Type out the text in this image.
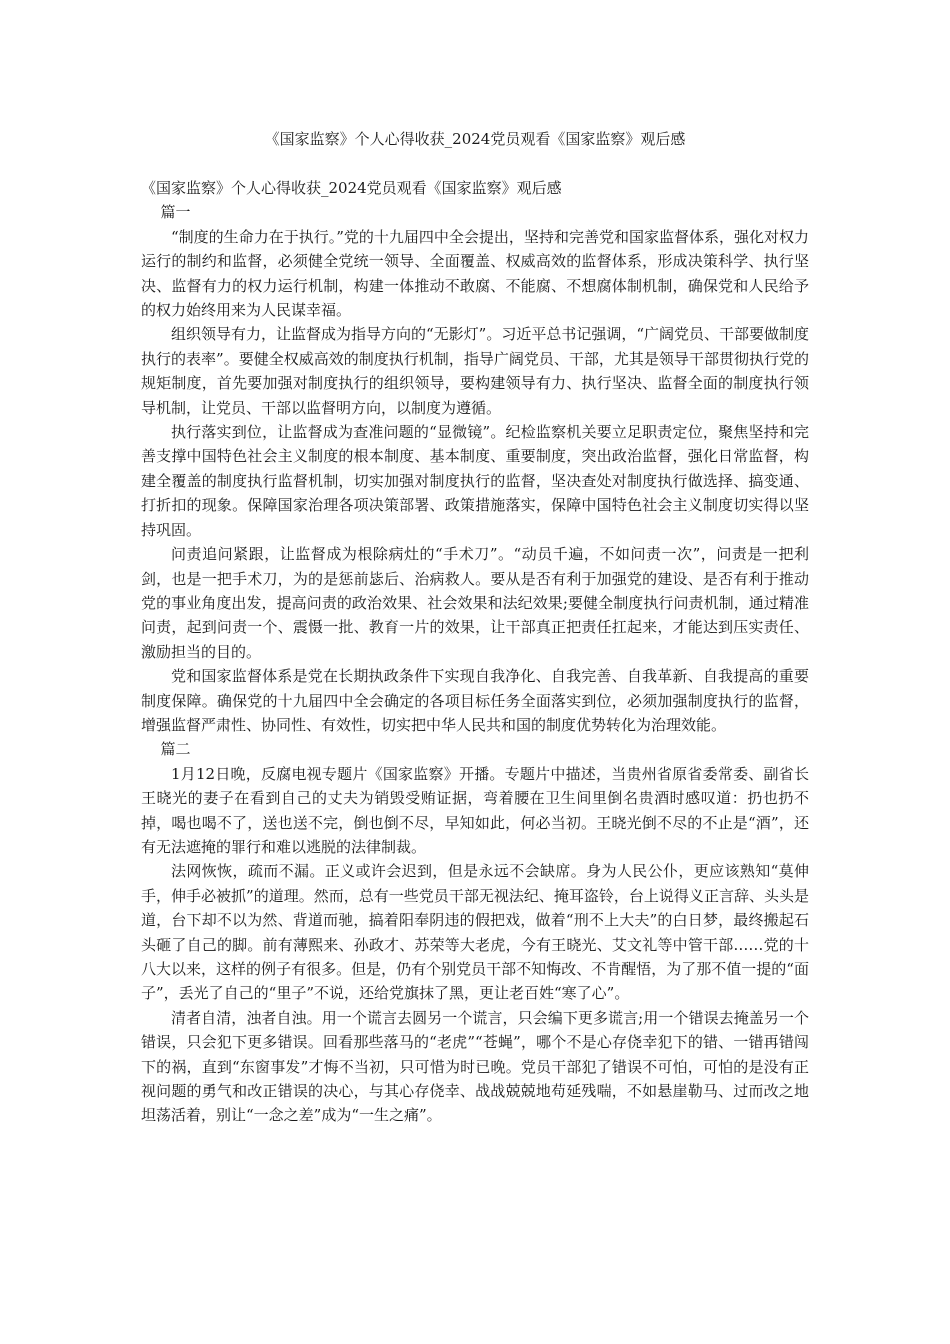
《国家监察》个人心得收获_2024党员观看《国家监察》观后感

《国家监察》个人心得收获_2024党员观看《国家监察》观后感

篇一

“制度的生命力在于执行。”党的十九届四中全会提出，坚持和完善党和国家监督体系，强化对权力运行的制约和监督，必须健全党统一领导、全面覆盖、权威高效的监督体系，形成决策科学、执行坚决、监督有力的权力运行机制，构建一体推动不敢腐、不能腐、不想腐体制机制，确保党和人民给予的权力始终用来为人民谋幸福。

组织领导有力，让监督成为指导方向的“无影灯”。习近平总书记强调，“广阔党员、干部要做制度执行的表率”。要健全权威高效的制度执行机制，指导广阔党员、干部，尤其是领导干部贯彻执行党的规矩制度，首先要加强对制度执行的组织领导，要构建领导有力、执行坚决、监督全面的制度执行领导机制，让党员、干部以监督明方向，以制度为遵循。

执行落实到位，让监督成为查准问题的“显微镜”。纪检监察机关要立足职责定位，聚焦坚持和完善支撑中国特色社会主义制度的根本制度、基本制度、重要制度，突出政治监督，强化日常监督，构建全覆盖的制度执行监督机制，切实加强对制度执行的监督，坚决查处对制度执行做选择、搞变通、打折扣的现象。保障国家治理各项决策部署、政策措施落实，保障中国特色社会主义制度切实得以坚持巩固。

问责追问紧跟，让监督成为根除病灶的“手术刀”。“动员千遍，不如问责一次”，问责是一把利剑，也是一把手术刀，为的是惩前毖后、治病救人。要从是否有利于加强党的建设、是否有利于推动党的事业角度出发，提高问责的政治效果、社会效果和法纪效果;要健全制度执行问责机制，通过精准问责，起到问责一个、震慑一批、教育一片的效果，让干部真正把责任扛起来，才能达到压实责任、激励担当的目的。

党和国家监督体系是党在长期执政条件下实现自我净化、自我完善、自我革新、自我提高的重要制度保障。确保党的十九届四中全会确定的各项目标任务全面落实到位，必须加强制度执行的监督，增强监督严肃性、协同性、有效性，切实把中华人民共和国的制度优势转化为治理效能。

篇二

1月12日晚，反腐电视专题片《国家监察》开播。专题片中描述，当贵州省原省委常委、副省长王晓光的妻子在看到自己的丈夫为销毁受贿证据，弯着腰在卫生间里倒名贵酒时感叹道：扔也扔不掉，喝也喝不了，送也送不完，倒也倒不尽，早知如此，何必当初。王晓光倒不尽的不止是“酒”，还有无法遮掩的罪行和难以逃脱的法律制裁。

法网恢恢，疏而不漏。正义或许会迟到，但是永远不会缺席。身为人民公仆，更应该熟知“莫伸手，伸手必被抓”的道理。然而，总有一些党员干部无视法纪、掩耳盗铃，台上说得义正言辞、头头是道，台下却不以为然、背道而驰，搞着阳奉阴违的假把戏，做着“刑不上大夫”的白日梦，最终搬起石头砸了自己的脚。前有薄熙来、孙政才、苏荣等大老虎，今有王晓光、艾文礼等中管干部……党的十八大以来，这样的例子有很多。但是，仍有个别党员干部不知悔改、不肯醒悟，为了那不值一提的“面子”，丢光了自己的“里子”不说，还给党旗抹了黑，更让老百姓“寒了心”。

清者自清，浊者自浊。用一个谎言去圆另一个谎言，只会编下更多谎言;用一个错误去掩盖另一个错误，只会犯下更多错误。回看那些落马的“老虎”“苍蝇”，哪个不是心存侥幸犯下的错、一错再错闯下的祸，直到“东窗事发”才悔不当初，只可惜为时已晚。党员干部犯了错误不可怕，可怕的是没有正视问题的勇气和改正错误的决心，与其心存侥幸、战战兢兢地苟延残喘，不如悬崖勒马、过而改之地坦荡活着，别让“一念之差”成为“一生之痛”。
